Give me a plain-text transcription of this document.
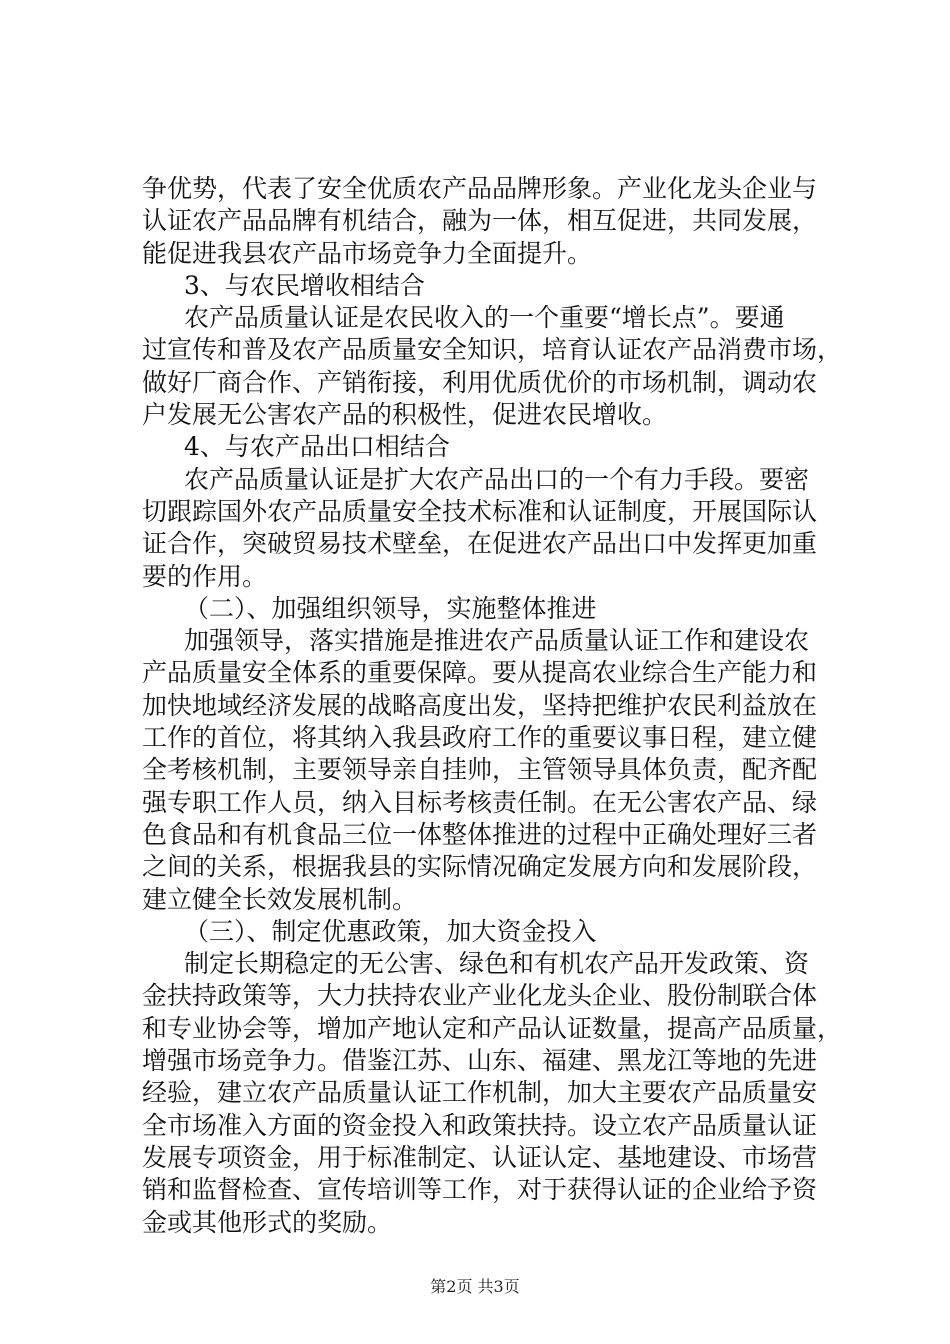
争优势，代表了安全优质农产品品牌形象。产业化龙头企业与
认证农产品品牌有机结合，融为一体，相互促进，共同发展，
能促进我县农产品市场竞争力全面提升。
3、与农民增收相结合
农产品质量认证是农民收入的一个重要“增长点”。要通
过宣传和普及农产品质量安全知识，培育认证农产品消费市场，
做好厂商合作、产销衔接，利用优质优价的市场机制，调动农
户发展无公害农产品的积极性，促进农民增收。
4、与农产品出口相结合
农产品质量认证是扩大农产品出口的一个有力手段。要密
切跟踪国外农产品质量安全技术标准和认证制度，开展国际认
证合作，突破贸易技术壁垒，在促进农产品出口中发挥更加重
要的作用。
（二）、加强组织领导，实施整体推进
加强领导，落实措施是推进农产品质量认证工作和建设农
产品质量安全体系的重要保障。要从提高农业综合生产能力和
加快地域经济发展的战略高度出发，坚持把维护农民利益放在
工作的首位，将其纳入我县政府工作的重要议事日程，建立健
全考核机制，主要领导亲自挂帅，主管领导具体负责，配齐配
强专职工作人员，纳入目标考核责任制。在无公害农产品、绿
色食品和有机食品三位一体整体推进的过程中正确处理好三者
之间的关系，根据我县的实际情况确定发展方向和发展阶段，
建立健全长效发展机制。
（三）、制定优惠政策，加大资金投入
制定长期稳定的无公害、绿色和有机农产品开发政策、资
金扶持政策等，大力扶持农业产业化龙头企业、股份制联合体
和专业协会等，增加产地认定和产品认证数量，提高产品质量，
增强市场竞争力。借鉴江苏、山东、福建、黑龙江等地的先进
经验，建立农产品质量认证工作机制，加大主要农产品质量安
全市场准入方面的资金投入和政策扶持。设立农产品质量认证
发展专项资金，用于标准制定、认证认定、基地建设、市场营
销和监督检查、宣传培训等工作，对于获得认证的企业给予资
金或其他形式的奖励。
第2页 共3页
